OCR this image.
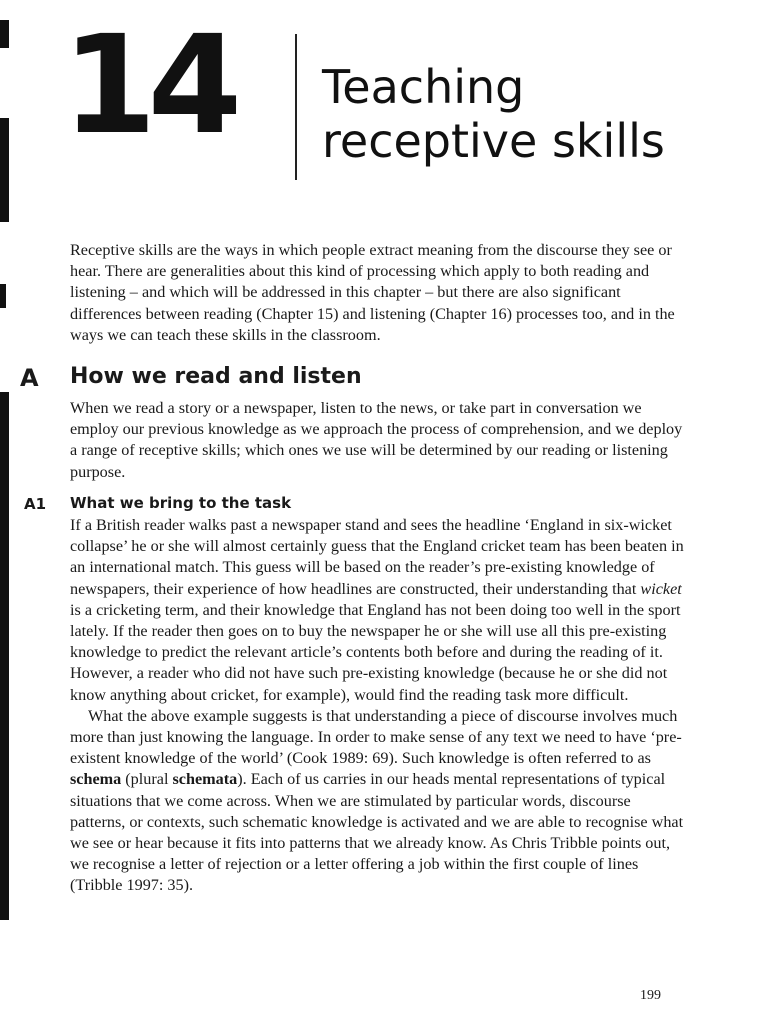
14 Teaching
receptive skills

Receptive skills are the ways in which people extract meaning from the discourse they see or hear. There are generalities about this kind of processing which apply to both reading and listening – and which will be addressed in this chapter – but there are also significant differences between reading (Chapter 15) and listening (Chapter 16) processes too, and in the ways we can teach these skills in the classroom.

A How we read and listen

When we read a story or a newspaper, listen to the news, or take part in conversation we employ our previous knowledge as we approach the process of comprehension, and we deploy a range of receptive skills; which ones we use will be determined by our reading or listening purpose.

A1 What we bring to the task

If a British reader walks past a newspaper stand and sees the headline ‘England in six-wicket collapse’ he or she will almost certainly guess that the England cricket team has been beaten in an international match. This guess will be based on the reader’s pre-existing knowledge of newspapers, their experience of how headlines are constructed, their understanding that wicket is a cricketing term, and their knowledge that England has not been doing too well in the sport lately. If the reader then goes on to buy the newspaper he or she will use all this pre-existing knowledge to predict the relevant article’s contents both before and during the reading of it. However, a reader who did not have such pre-existing knowledge (because he or she did not know anything about cricket, for example), would find the reading task more difficult.

What the above example suggests is that understanding a piece of discourse involves much more than just knowing the language. In order to make sense of any text we need to have ‘pre-existent knowledge of the world’ (Cook 1989: 69). Such knowledge is often referred to as schema (plural schemata). Each of us carries in our heads mental representations of typical situations that we come across. When we are stimulated by particular words, discourse patterns, or contexts, such schematic knowledge is activated and we are able to recognise what we see or hear because it fits into patterns that we already know. As Chris Tribble points out, we recognise a letter of rejection or a letter offering a job within the first couple of lines (Tribble 1997: 35).

199
